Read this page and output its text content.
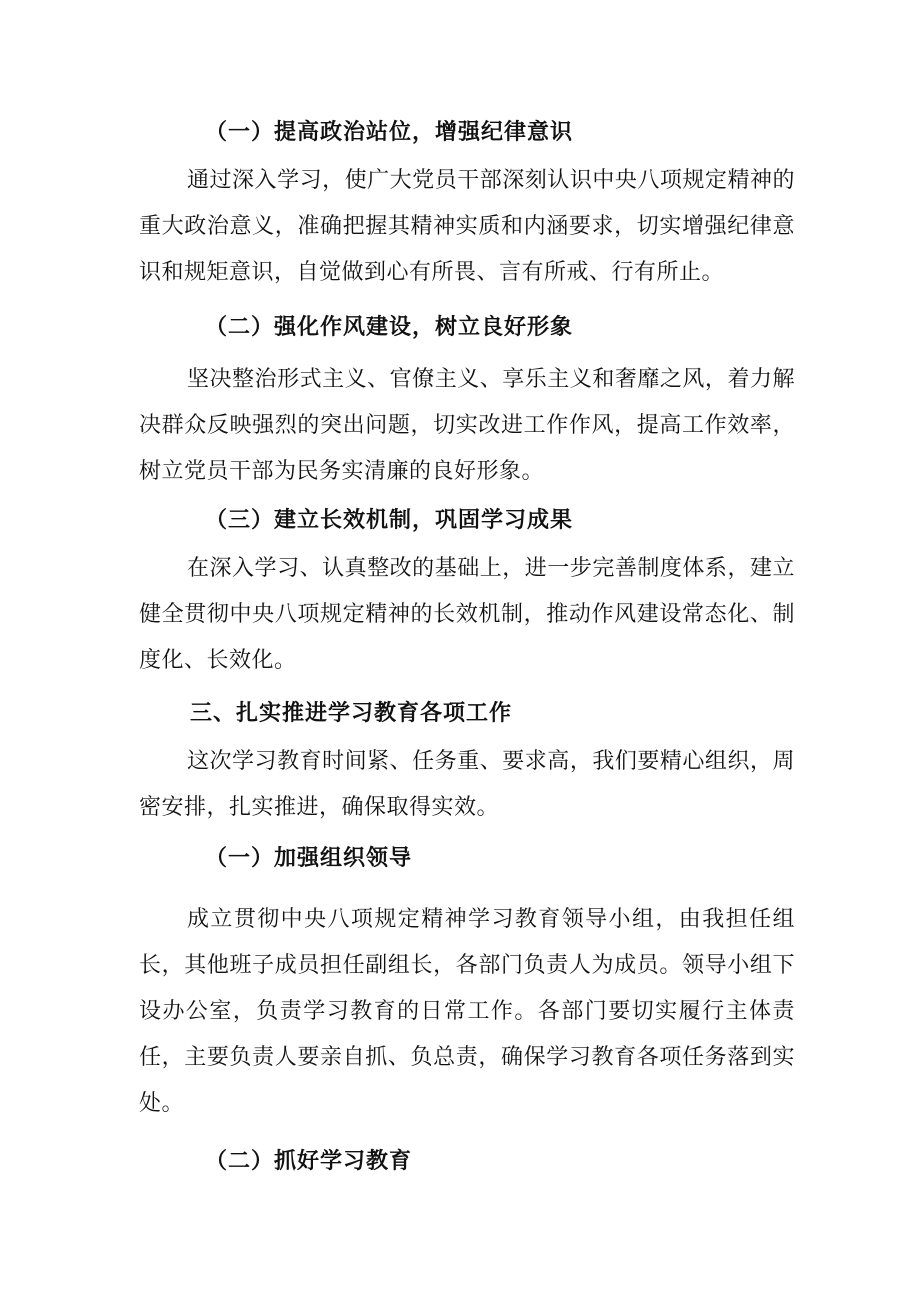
（一）提高政治站位，增强纪律意识

通过深入学习，使广大党员干部深刻认识中央八项规定精神的重大政治意义，准确把握其精神实质和内涵要求，切实增强纪律意识和规矩意识，自觉做到心有所畏、言有所戒、行有所止。

（二）强化作风建设，树立良好形象

坚决整治形式主义、官僚主义、享乐主义和奢靡之风，着力解决群众反映强烈的突出问题，切实改进工作作风，提高工作效率，树立党员干部为民务实清廉的良好形象。

（三）建立长效机制，巩固学习成果

在深入学习、认真整改的基础上，进一步完善制度体系，建立健全贯彻中央八项规定精神的长效机制，推动作风建设常态化、制度化、长效化。

三、扎实推进学习教育各项工作

这次学习教育时间紧、任务重、要求高，我们要精心组织，周密安排，扎实推进，确保取得实效。

（一）加强组织领导

成立贯彻中央八项规定精神学习教育领导小组，由我担任组长，其他班子成员担任副组长，各部门负责人为成员。领导小组下设办公室，负责学习教育的日常工作。各部门要切实履行主体责任，主要负责人要亲自抓、负总责，确保学习教育各项任务落到实处。

（二）抓好学习教育
